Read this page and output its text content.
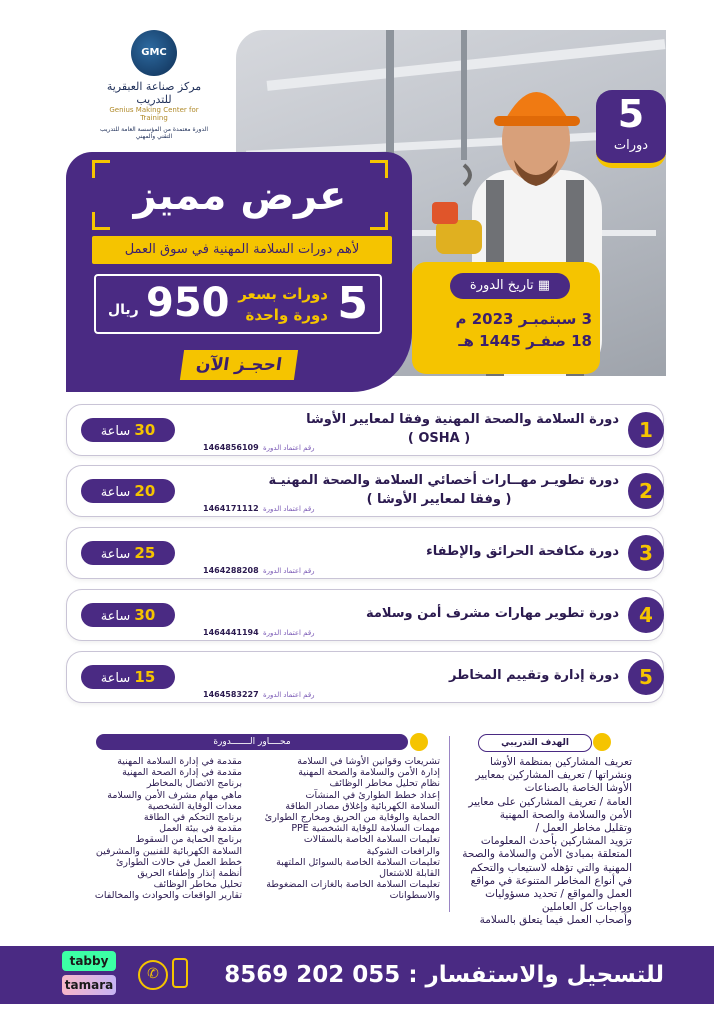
GMC
مركز صناعة العبقرية للتدريب
Genius Making Center for Training
الدورة معتمدة من المؤسسة العامة للتدريب التقني والمهني
عرض مميز
لأهم دورات السلامة المهنية في سوق العمل
5
دورات بسعر
دورة واحدة
950
ريال
احجـز الآن
5
دورات
▦ تاريخ الدورة
3 سبتمبـر 2023 م
18 صفـر 1445 هـ
1
دورة السلامة والصحة المهنية وفقا لمعايير الأوشا
( OSHA )
30 ساعة
1464856109 رقم اعتماد الدورة
2
دورة تطويـر مهــارات أخصائي السلامة والصحة المهنيـة
( وفقا لمعايير الأوشا )
20 ساعة
1464171112 رقم اعتماد الدورة
3
دورة مكافحة الحرائق والإطفاء
25 ساعة
1464288208 رقم اعتماد الدورة
4
دورة تطوير مهارات مشرف أمن وسلامة
30 ساعة
1464441194 رقم اعتماد الدورة
5
دورة إدارة وتقييم المخاطر
15 ساعة
1464583227 رقم اعتماد الدورة
الهدف التدريبي
تعريف المشاركين بمنظمة الأوشا
ونشراتها / تعريف المشاركين بمعايير
الأوشا الخاصة بالصناعات
العامة / تعريف المشاركين على معايير
الأمن والسلامة والصحة المهنية
وتقليل مخاطر العمل /
تزويد المشاركين بأحدث المعلومات
المتعلقة بمبادئ الأمن والسلامة والصحة
المهنية والتي تؤهله لاستيعاب والتحكم
في أنواع المخاطر المتنوعة في مواقع
العمل والمواقع / تحديد مسؤوليات
وواجبات كل العاملين
وأصحاب العمل فيما يتعلق بالسلامة
محــــاور الـــــــدورة
تشريعات وقوانين الأوشا في السلامة
إدارة الأمن والسلامة والصحة المهنية
نظام تحليل مخاطر الوظائف
إعداد خطط الطوارئ في المنشآت
السلامة الكهربائية وإغلاق مصادر الطاقة
الحماية والوقاية من الحريق ومخارج الطوارئ
مهمات السلامة للوقاية الشخصية PPE
تعليمات السلامة الخاصة بالسقالات
والرافعات الشوكية
تعليمات السلامة الخاصة بالسوائل الملتهبة
القابلة للاشتعال
تعليمات السلامة الخاصة بالغازات المضغوطة
والاسطوانات
مقدمة في إدارة السلامة المهنية
مقدمة في إدارة الصحة المهنية
برنامج الاتصال بالمخاطر
ماهي مهام مشرف الأمن والسلامة
معدات الوقاية الشخصية
برنامج التحكم في الطاقة
مقدمة في بيئة العمل
برنامج الحماية من السقوط
السلامة الكهربائية للفنيين والمشرفين
خطط العمل في حالات الطوارئ
أنظمة إنذار وإطفاء الحريق
تحليل مخاطر الوظائف
تقارير الواقعات والحوادث والمخالفات
للتسجيل والاستفسار : 055 202 8569
✆
tabby
tamara
